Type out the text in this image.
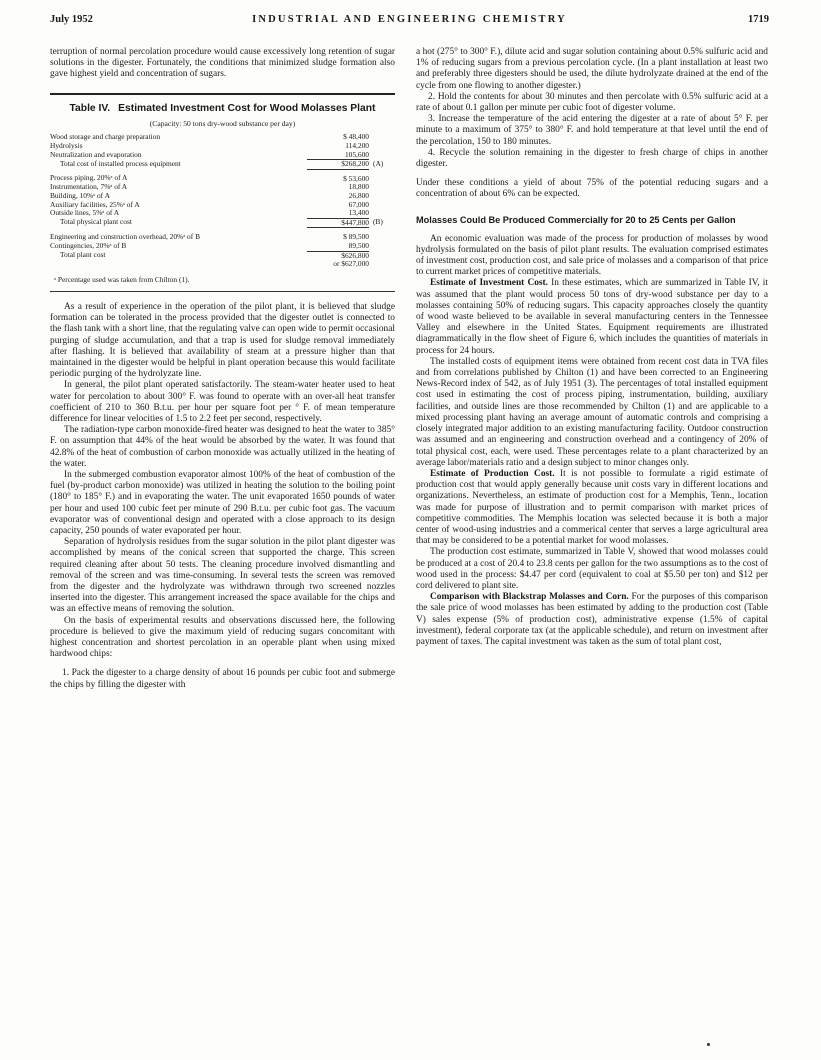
July 1952	INDUSTRIAL AND ENGINEERING CHEMISTRY	1719

terruption of normal percolation procedure would cause excessively long retention of sugar solutions in the digester. Fortunately, the conditions that minimized sludge formation also gave highest yield and concentration of sugars.

Table IV. Estimated Investment Cost for Wood Molasses Plant
(Capacity: 50 tons dry-wood substance per day)
Wood storage and charge preparation	$ 48,400	
Hydrolysis	114,200	
Neutralization and evaporation	105,600	
Total cost of installed process equipment	$268,200	(A)
Process piping, 20%ᵃ of A	$ 53,600	
Instrumentation, 7%ᵃ of A	18,800	
Building, 10%ᵃ of A	26,800	
Auxiliary facilities, 25%ᵃ of A	67,000	
Outside lines, 5%ᵃ of A	13,400	
Total physical plant cost	$447,800	(B)
Engineering and construction overhead, 20%ᵃ of B	$ 89,500	
Contingencies, 20%ᵃ of B	89,500	
Total plant cost	$626,800	
	or $627,000	
ᵃ Percentage used was taken from Chilton (1).

As a result of experience in the operation of the pilot plant, it is believed that sludge formation can be tolerated in the process provided that the digester outlet is connected to the flash tank with a short line, that the regulating valve can open wide to permit occasional purging of sludge accumulation, and that a trap is used for sludge removal immediately after flashing. It is believed that availability of steam at a pressure higher than that maintained in the digester would be helpful in plant operation because this would facilitate periodic purging of the hydrolyzate line.

In general, the pilot plant operated satisfactorily. The steam-water heater used to heat water for percolation to about 300° F. was found to operate with an over-all heat transfer coefficient of 210 to 360 B.t.u. per hour per square foot per ° F. of mean temperature difference for linear velocities of 1.5 to 2.2 feet per second, respectively.

The radiation-type carbon monoxide-fired heater was designed to heat the water to 385° F. on assumption that 44% of the heat would be absorbed by the water. It was found that 42.8% of the heat of combustion of carbon monoxide was actually utilized in the heating of the water.

In the submerged combustion evaporator almost 100% of the heat of combustion of the fuel (by-product carbon monoxide) was utilized in heating the solution to the boiling point (180° to 185° F.) and in evaporating the water. The unit evaporated 1650 pounds of water per hour and used 100 cubic feet per minute of 290 B.t.u. per cubic foot gas. The vacuum evaporator was of conventional design and operated with a close approach to its design capacity, 250 pounds of water evaporated per hour.

Separation of hydrolysis residues from the sugar solution in the pilot plant digester was accomplished by means of the conical screen that supported the charge. This screen required cleaning after about 50 tests. The cleaning procedure involved dismantling and removal of the screen and was time-consuming. In several tests the screen was removed from the digester and the hydrolyzate was withdrawn through two screened nozzles inserted into the digester. This arrangement increased the space available for the chips and was an effective means of removing the solution.

On the basis of experimental results and observations discussed here, the following procedure is believed to give the maximum yield of reducing sugars concomitant with highest concentration and shortest percolation in an operable plant when using mixed hardwood chips:

1. Pack the digester to a charge density of about 16 pounds per cubic foot and submerge the chips by filling the digester with

a hot (275° to 300° F.), dilute acid and sugar solution containing about 0.5% sulfuric acid and 1% of reducing sugars from a previous percolation cycle. (In a plant installation at least two and preferably three digesters should be used, the dilute hydrolyzate drained at the end of the cycle from one flowing to another digester.)

2. Hold the contents for about 30 minutes and then percolate with 0.5% sulfuric acid at a rate of about 0.1 gallon per minute per cubic foot of digester volume.

3. Increase the temperature of the acid entering the digester at a rate of about 5° F. per minute to a maximum of 375° to 380° F. and hold temperature at that level until the end of the percolation, 150 to 180 minutes.

4. Recycle the solution remaining in the digester to fresh charge of chips in another digester.

Under these conditions a yield of about 75% of the potential reducing sugars and a concentration of about 6% can be expected.

Molasses Could Be Produced Commercially for 20 to 25 Cents per Gallon

An economic evaluation was made of the process for production of molasses by wood hydrolysis formulated on the basis of pilot plant results. The evaluation comprised estimates of investment cost, production cost, and sale price of molasses and a comparison of that price to current market prices of competitive materials.

Estimate of Investment Cost. In these estimates, which are summarized in Table IV, it was assumed that the plant would process 50 tons of dry-wood substance per day to a molasses containing 50% of reducing sugars. This capacity approaches closely the quantity of wood waste believed to be available in several manufacturing centers in the Tennessee Valley and elsewhere in the United States. Equipment requirements are illustrated diagrammatically in the flow sheet of Figure 6, which includes the quantities of materials in process for 24 hours.

The installed costs of equipment items were obtained from recent cost data in TVA files and from correlations published by Chilton (1) and have been corrected to an Engineering News-Record index of 542, as of July 1951 (3). The percentages of total installed equipment cost used in estimating the cost of process piping, instrumentation, building, auxiliary facilities, and outside lines are those recommended by Chilton (1) and are applicable to a mixed processing plant having an average amount of automatic controls and comprising a closely integrated major addition to an existing manufacturing facility. Outdoor construction was assumed and an engineering and construction overhead and a contingency of 20% of total physical cost, each, were used. These percentages relate to a plant characterized by an average labor/materials ratio and a design subject to minor changes only.

Estimate of Production Cost. It is not possible to formulate a rigid estimate of production cost that would apply generally because unit costs vary in different locations and organizations. Nevertheless, an estimate of production cost for a Memphis, Tenn., location was made for purpose of illustration and to permit comparison with market prices of competitive commodities. The Memphis location was selected because it is both a major center of wood-using industries and a commerical center that serves a large agricultural area that may be considered to be a potential market for wood molasses.

The production cost estimate, summarized in Table V, showed that wood molasses could be produced at a cost of 20.4 to 23.8 cents per gallon for the two assumptions as to the cost of wood used in the process: $4.47 per cord (equivalent to coal at $5.50 per ton) and $12 per cord delivered to plant site.

Comparison with Blackstrap Molasses and Corn. For the purposes of this comparison the sale price of wood molasses has been estimated by adding to the production cost (Table V) sales expense (5% of production cost), administrative expense (1.5% of capital investment), federal corporate tax (at the applicable schedule), and return on investment after payment of taxes. The capital investment was taken as the sum of total plant cost,
